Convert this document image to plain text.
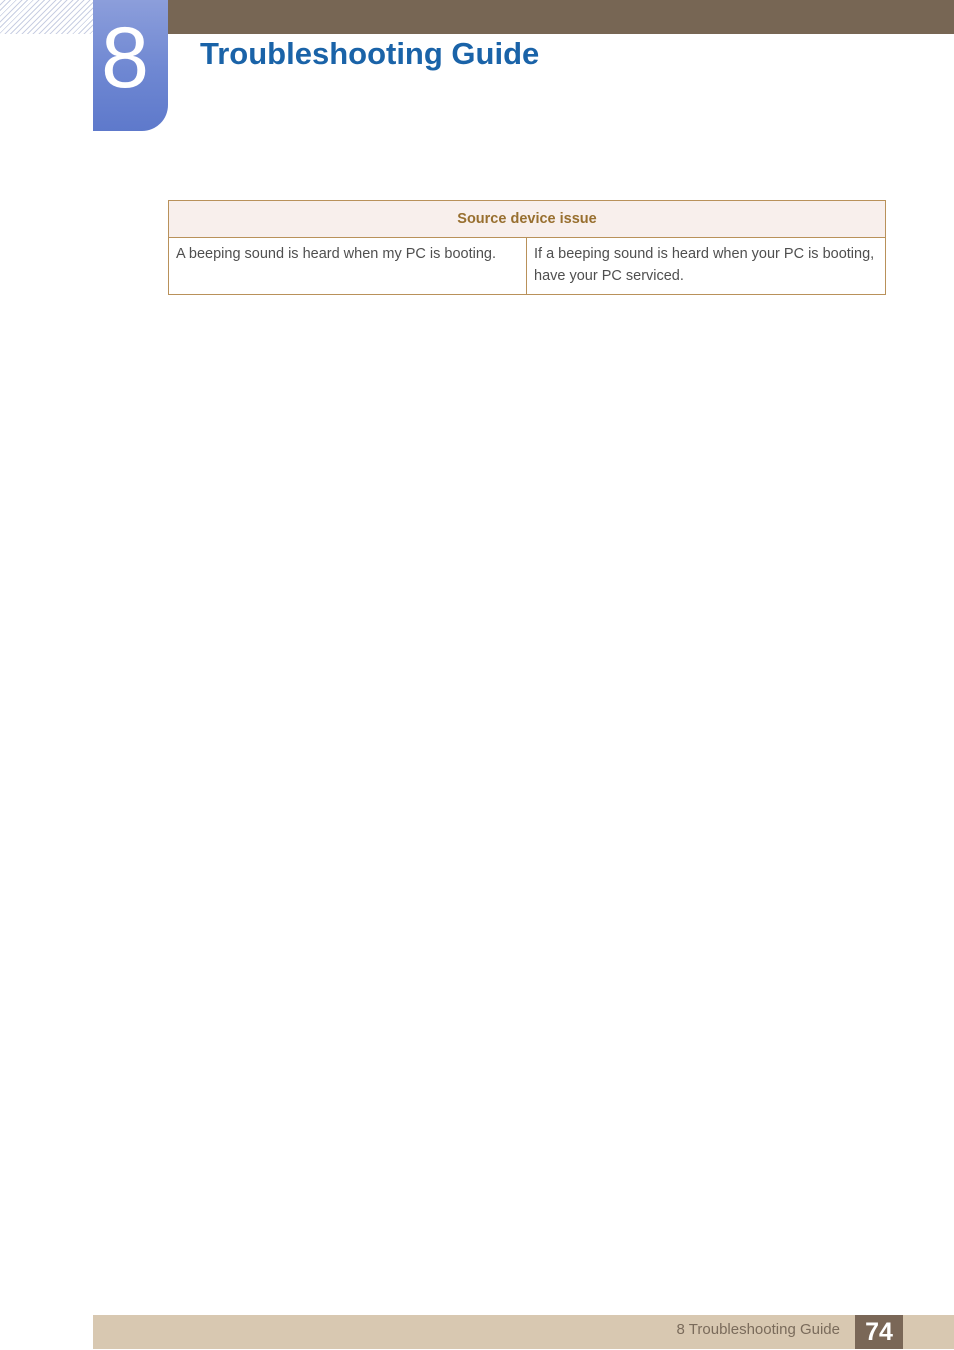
8 Troubleshooting Guide
Source device issue
A beeping sound is heard when my PC is booting.	If a beeping sound is heard when your PC is booting, have your PC serviced.
8 Troubleshooting Guide	74
